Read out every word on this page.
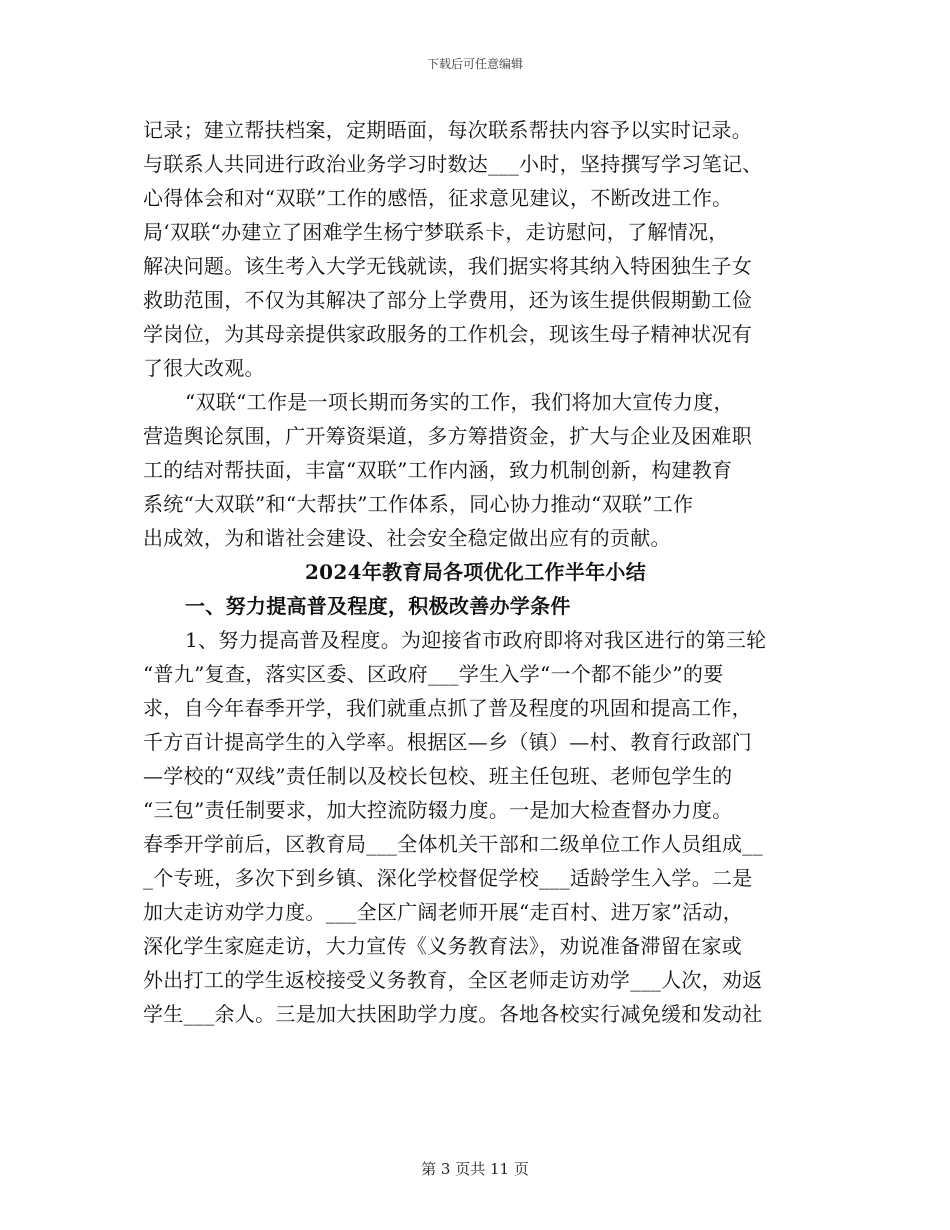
下载后可任意编辑
记录；建立帮扶档案，定期晤面，每次联系帮扶内容予以实时记录。
与联系人共同进行政治业务学习时数达___小时，坚持撰写学习笔记、
心得体会和对“双联”工作的感悟，征求意见建议，不断改进工作。
局‘双联“办建立了困难学生杨宁梦联系卡，走访慰问，了解情况，
解决问题。该生考入大学无钱就读，我们据实将其纳入特困独生子女
救助范围，不仅为其解决了部分上学费用，还为该生提供假期勤工俭
学岗位，为其母亲提供家政服务的工作机会，现该生母子精神状况有
了很大改观。
“双联“工作是一项长期而务实的工作，我们将加大宣传力度，
营造舆论氛围，广开筹资渠道，多方筹措资金，扩大与企业及困难职
工的结对帮扶面，丰富“双联”工作内涵，致力机制创新，构建教育
系统“大双联”和“大帮扶”工作体系，同心协力推动“双联”工作
出成效，为和谐社会建设、社会安全稳定做出应有的贡献。
2024年教育局各项优化工作半年小结
一、努力提高普及程度，积极改善办学条件
1、努力提高普及程度。为迎接省市政府即将对我区进行的第三轮
“普九”复查，落实区委、区政府___学生入学“一个都不能少”的要
求，自今年春季开学，我们就重点抓了普及程度的巩固和提高工作，
千方百计提高学生的入学率。根据区—乡（镇）—村、教育行政部门
—学校的“双线”责任制以及校长包校、班主任包班、老师包学生的
“三包”责任制要求，加大控流防辍力度。一是加大检查督办力度。
春季开学前后，区教育局___全体机关干部和二级单位工作人员组成__
_个专班，多次下到乡镇、深化学校督促学校___适龄学生入学。二是
加大走访劝学力度。___全区广阔老师开展“走百村、进万家”活动，
深化学生家庭走访，大力宣传《义务教育法》，劝说准备滞留在家或
外出打工的学生返校接受义务教育，全区老师走访劝学___人次，劝返
学生___余人。三是加大扶困助学力度。各地各校实行减免缓和发动社
第 3 页共 11 页
